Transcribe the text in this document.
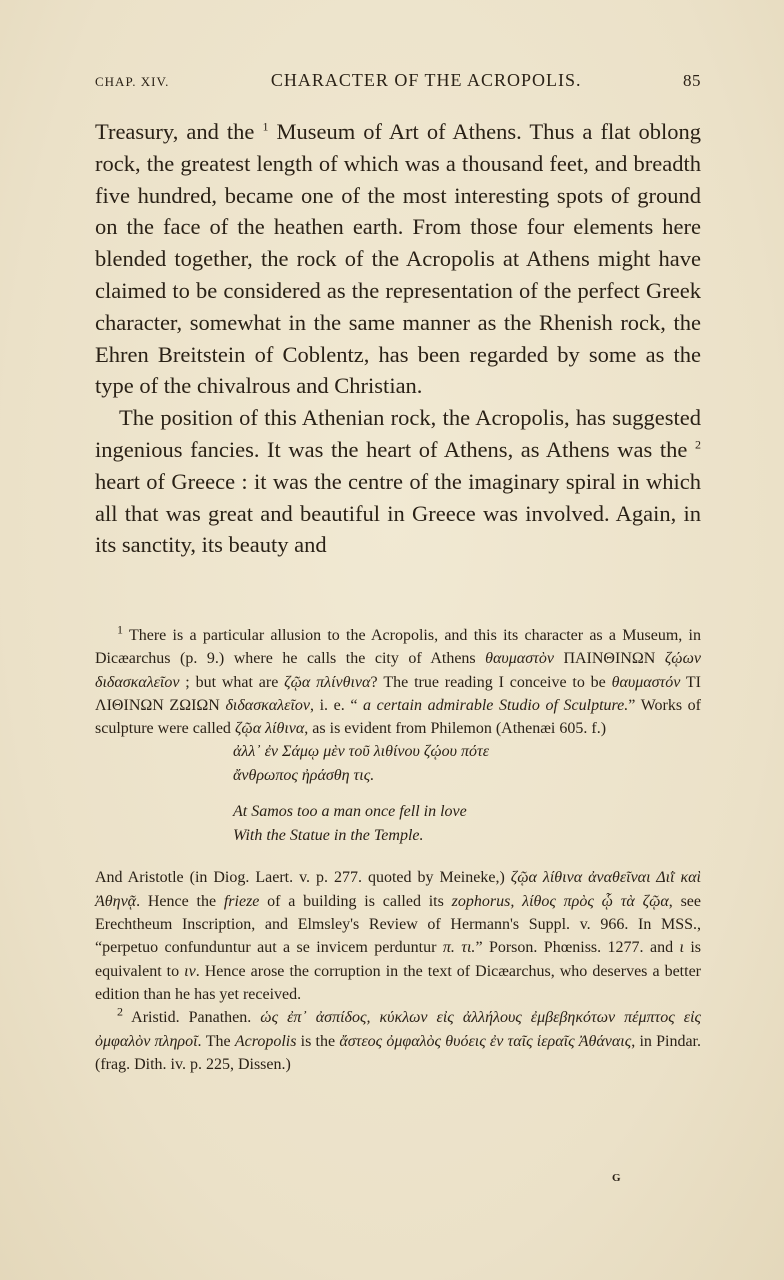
CHAP. XIV.	CHARACTER OF THE ACROPOLIS.	85

Treasury, and the $^1$ Museum of Art of Athens. Thus a flat oblong rock, the greatest length of which was a thousand feet, and breadth five hundred, became one of the most interesting spots of ground on the face of the heathen earth. From those four elements here blended together, the rock of the Acropolis at Athens might have claimed to be considered as the representation of the perfect Greek character, somewhat in the same manner as the Rhenish rock, the Ehren Breitstein of Coblentz, has been regarded by some as the type of the chivalrous and Christian.

The position of this Athenian rock, the Acropolis, has suggested ingenious fancies. It was the heart of Athens, as Athens was the $^2$ heart of Greece : it was the centre of the imaginary spiral in which all that was great and beautiful in Greece was involved. Again, in its sanctity, its beauty and

$^1$ There is a particular allusion to the Acropolis, and this its character as a Museum, in Dicæarchus (p. 9.) where he calls the city of Athens θαυμαστὸν ΠΑΙΝΘΙΝΩΝ ζῴων διδασκαλεῖον ; but what are ζῷα πλίνθινα? The true reading I conceive to be θαυμαστόν ΤΙ ΛΙΘΙΝΩΝ ΖΩΙΩΝ διδασκαλεῖον, i. e. “ a certain admirable Studio of Sculpture.” Works of sculpture were called ζῷα λίθινα, as is evident from Philemon (Athenæi 605. f.)

ἀλλ᾽ ἐν Σάμῳ μὲν τοῦ λιθίνου ζῴου πότε
ἄνθρωπος ἠράσθη τις.
At Samos too a man once fell in love
With the Statue in the Temple.

And Aristotle (in Diog. Laert. v. p. 277. quoted by Meineke,) ζῷα λίθινα ἀναθεῖναι Διῒ καὶ Ἀθηνᾷ. Hence the frieze of a building is called its zophorus, λίθος πρὸς ᾧ τὰ ζῷα, see Erechtheum Inscription, and Elmsley's Review of Hermann's Suppl. v. 966. In MSS., “perpetuo confunduntur aut a se invicem perduntur π. τι.” Porson. Phœniss. 1277. and ι is equivalent to ιν. Hence arose the corruption in the text of Dicæarchus, who deserves a better edition than he has yet received.

$^2$ Aristid. Panathen. ὡς ἐπ᾽ ἀσπίδος, κύκλων εἰς ἀλλήλους ἐμβεβηκότων πέμπτος εἰς ὀμφαλὸν πληροῖ. The Acropolis is the ἄστεος ὀμφαλὸς θυόεις ἐν ταῖς ἱεραῖς Ἀθάναις, in Pindar. (frag. Dith. iv. p. 225, Dissen.)

G
